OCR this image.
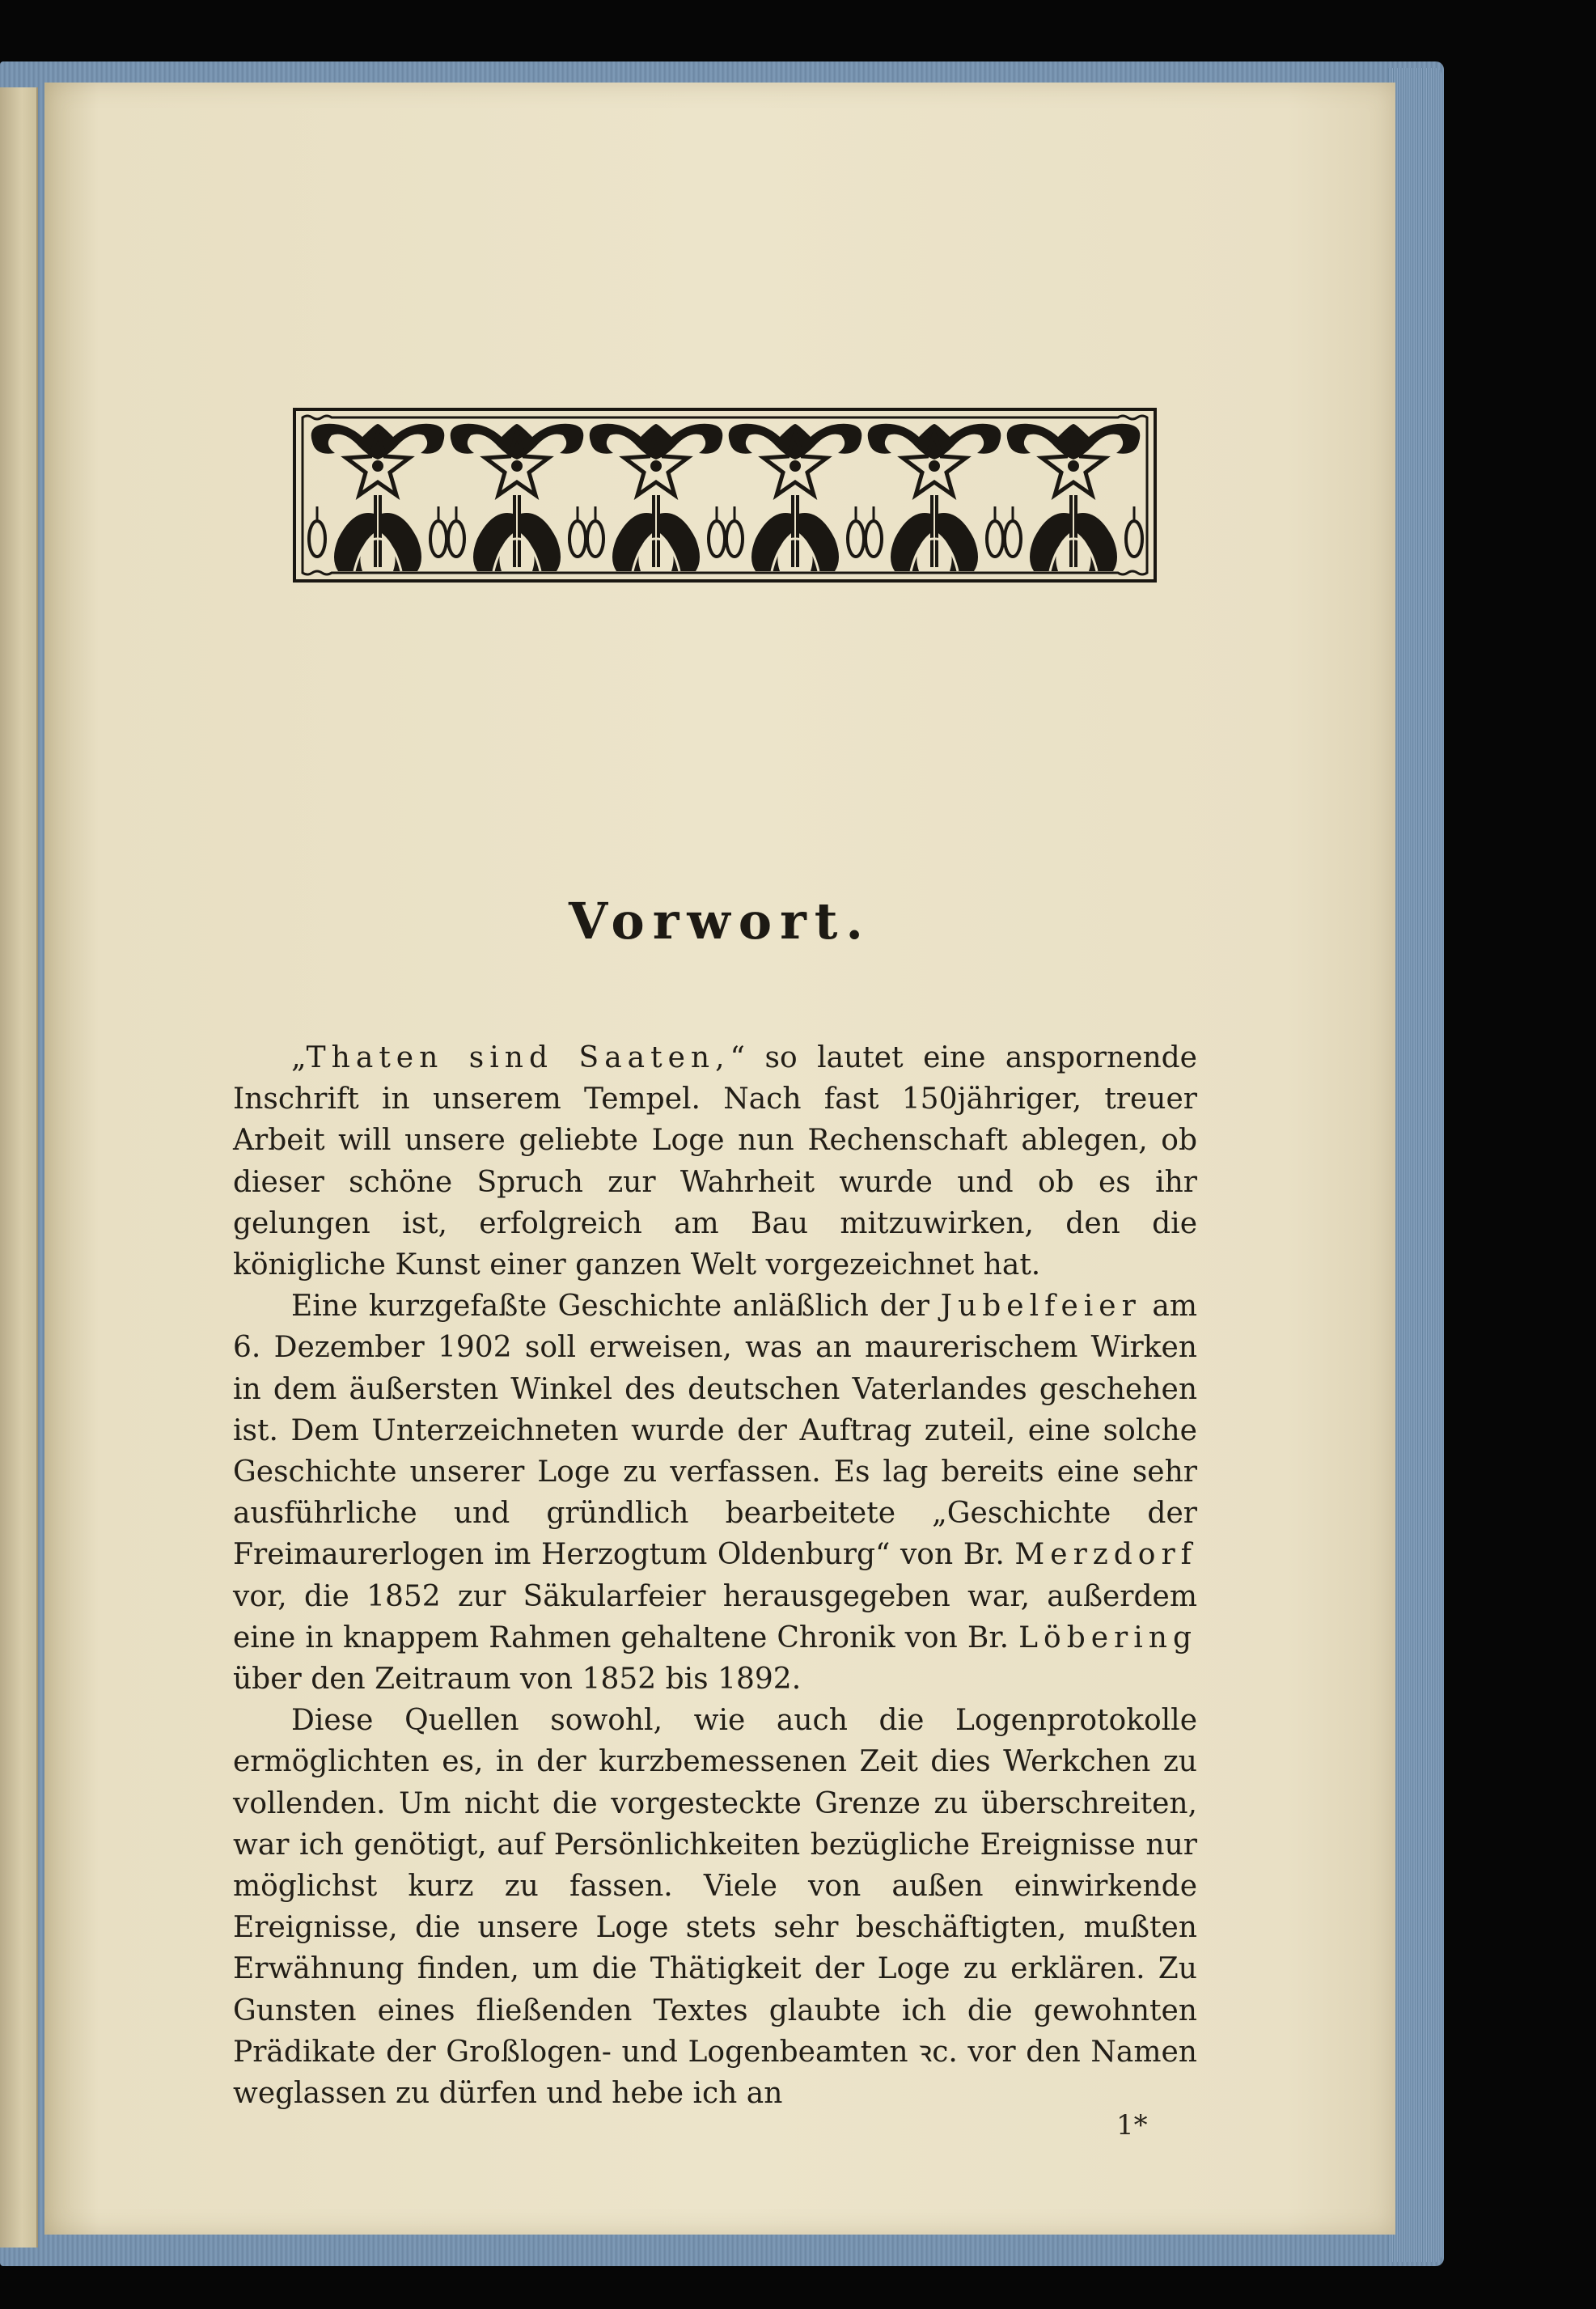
Vorwort.

„Thaten sind Saaten,“ so lautet eine anspornende Inschrift in unserem Tempel. Nach fast 150jähriger, treuer Arbeit will unsere geliebte Loge nun Rechenschaft ablegen, ob dieser schöne Spruch zur Wahrheit wurde und ob es ihr gelungen ist, erfolgreich am Bau mitzuwirken, den die königliche Kunst einer ganzen Welt vorgezeichnet hat.

Eine kurzgefaßte Geschichte anläßlich der Jubelfeier am 6. Dezember 1902 soll erweisen, was an maurerischem Wirken in dem äußersten Winkel des deutschen Vaterlandes geschehen ist. Dem Unterzeichneten wurde der Auftrag zuteil, eine solche Geschichte unserer Loge zu verfassen. Es lag bereits eine sehr ausführliche und gründlich bearbeitete „Geschichte der Freimaurerlogen im Herzogtum Oldenburg“ von Br. Merzdorf vor, die 1852 zur Säkularfeier herausgegeben war, außerdem eine in knappem Rahmen gehaltene Chronik von Br. Löbering über den Zeitraum von 1852 bis 1892.

Diese Quellen sowohl, wie auch die Logenprotokolle ermöglichten es, in der kurzbemessenen Zeit dies Werkchen zu vollenden. Um nicht die vorgesteckte Grenze zu überschreiten, war ich genötigt, auf Persönlichkeiten bezügliche Ereignisse nur möglichst kurz zu fassen. Viele von außen einwirkende Ereignisse, die unsere Loge stets sehr beschäftigten, mußten Erwähnung finden, um die Thätigkeit der Loge zu erklären. Zu Gunsten eines fließenden Textes glaubte ich die gewohnten Prädikate der Großlogen- und Logenbeamten ꝛc. vor den Namen weglassen zu dürfen und hebe ich an

1*
